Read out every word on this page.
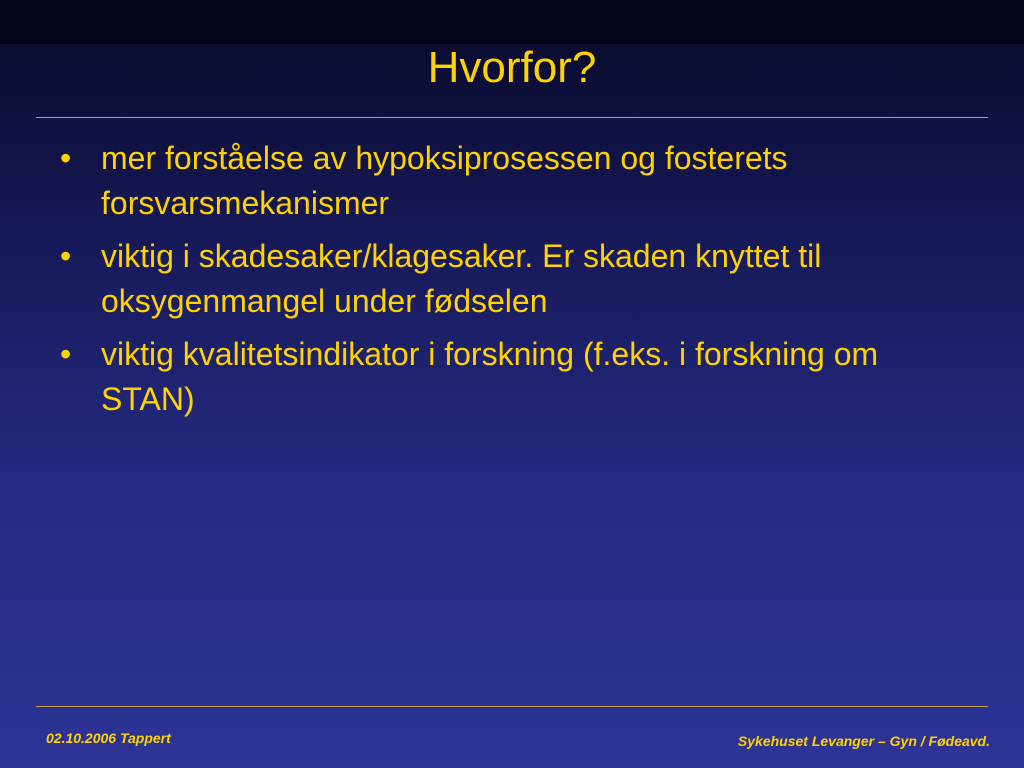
Hvorfor?
• mer forståelse av hypoksiprosessen og fosterets forsvarsmekanismer
• viktig i skadesaker/klagesaker. Er skaden knyttet til oksygenmangel under fødselen
• viktig kvalitetsindikator i forskning (f.eks. i forskning om STAN)
02.10.2006 Tappert	Sykehuset Levanger – Gyn / Fødeavd.
